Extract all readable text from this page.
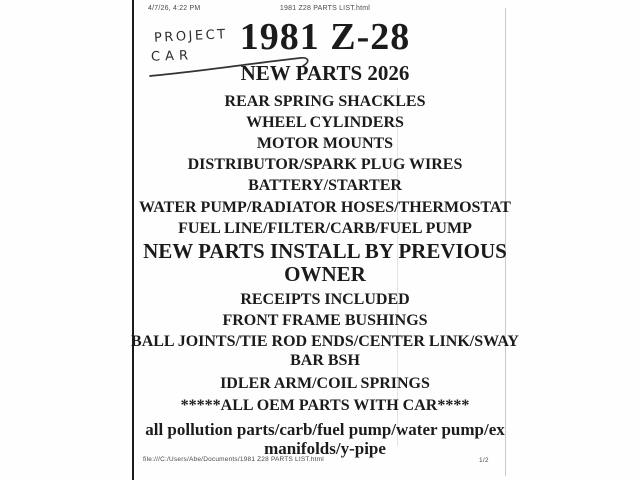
4/7/26, 4:22 PM	1981 Z28 PARTS LIST.html
PROJECT
CAR	1981 Z-28
NEW PARTS 2026
REAR SPRING SHACKLES
WHEEL CYLINDERS
MOTOR MOUNTS
DISTRIBUTOR/SPARK PLUG WIRES
BATTERY/STARTER
WATER PUMP/RADIATOR HOSES/THERMOSTAT
FUEL LINE/FILTER/CARB/FUEL PUMP
NEW PARTS INSTALL BY PREVIOUS OWNER
RECEIPTS INCLUDED
FRONT FRAME BUSHINGS
BALL JOINTS/TIE ROD ENDS/CENTER LINK/SWAY BAR BSH
IDLER ARM/COIL SPRINGS
*****ALL OEM PARTS WITH CAR****
all pollution parts/carb/fuel pump/water pump/ex manifolds/y-pipe
file:///C:/Users/Abe/Documents/1981 Z28 PARTS LIST.html	1/2
